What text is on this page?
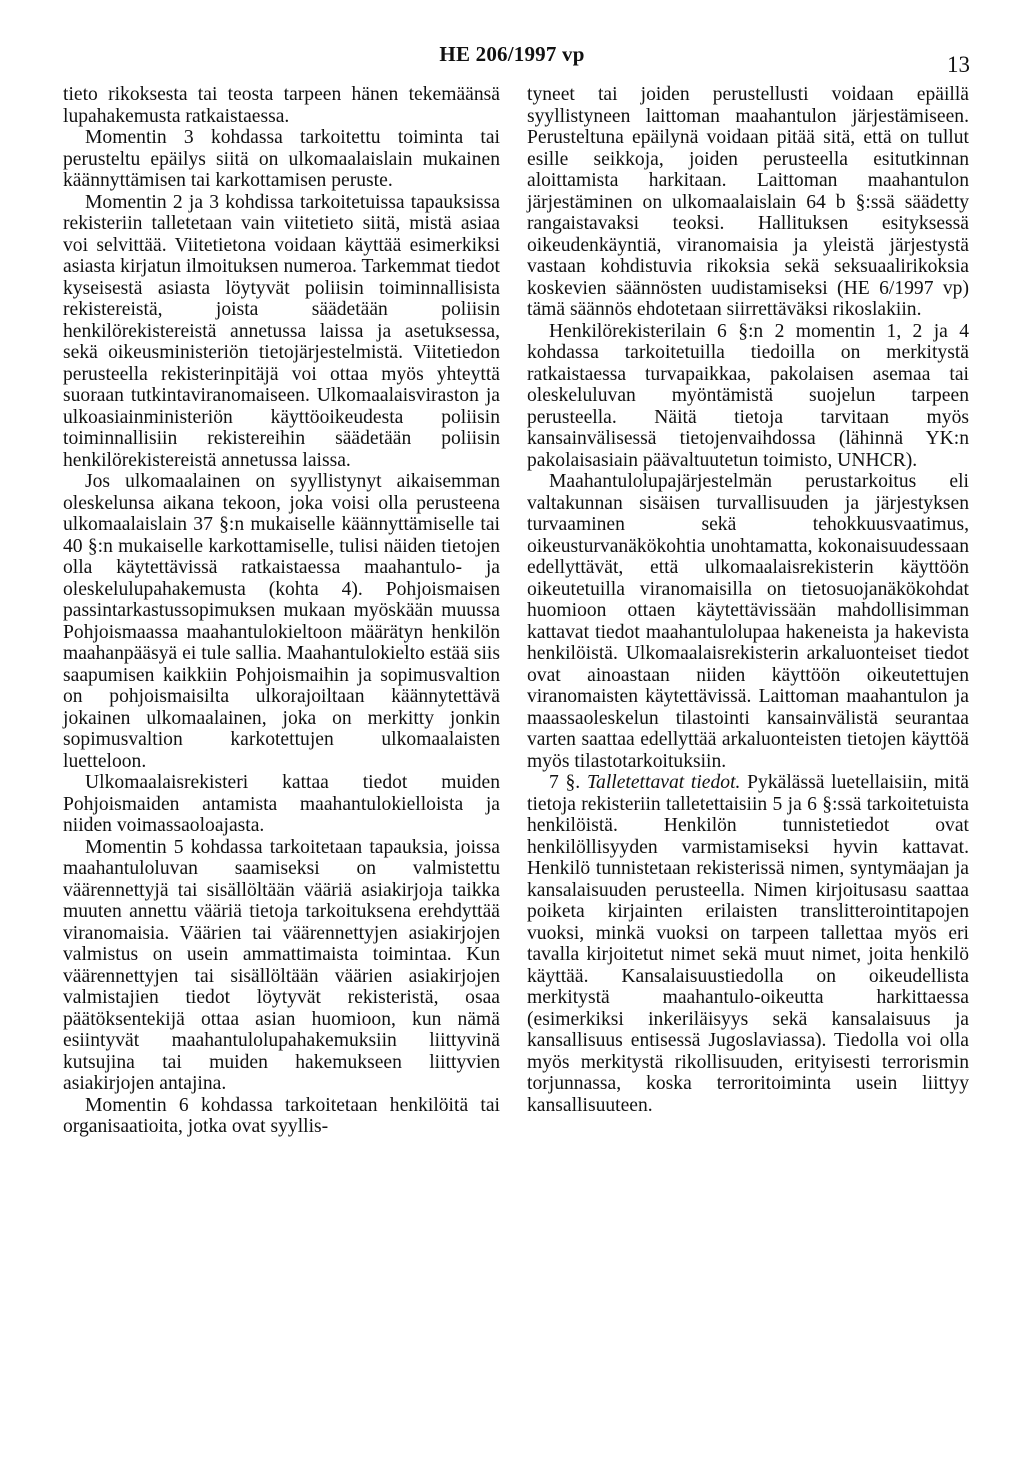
HE 206/1997 vp	13

tieto rikoksesta tai teosta tarpeen hänen tekemäänsä lupahakemusta ratkaistaessa.

Momentin 3 kohdassa tarkoitettu toiminta tai perusteltu epäilys siitä on ulkomaalaislain mukainen käännyttämisen tai karkottamisen peruste.

Momentin 2 ja 3 kohdissa tarkoitetuissa tapauksissa rekisteriin talletetaan vain viitetieto siitä, mistä asiaa voi selvittää. Viitetietona voidaan käyttää esimerkiksi asiasta kirjatun ilmoituksen numeroa. Tarkemmat tiedot kyseisestä asiasta löytyvät poliisin toiminnallisista rekistereistä, joista säädetään poliisin henkilörekistereistä annetussa laissa ja asetuksessa, sekä oikeusministeriön tietojärjestelmistä. Viitetiedon perusteella rekisterinpitäjä voi ottaa myös yhteyttä suoraan tutkintaviranomaiseen. Ulkomaalaisviraston ja ulkoasiainministeriön käyttöoikeudesta poliisin toiminnallisiin rekistereihin säädetään poliisin henkilörekistereistä annetussa laissa.

Jos ulkomaalainen on syyllistynyt aikaisemman oleskelunsa aikana tekoon, joka voisi olla perusteena ulkomaalaislain 37 §:n mukaiselle käännyttämiselle tai 40 §:n mukaiselle karkottamiselle, tulisi näiden tietojen olla käytettävissä ratkaistaessa maahantulo- ja oleskelulupahakemusta (kohta 4). Pohjoismaisen passintarkastussopimuksen mukaan myöskään muussa Pohjoismaassa maahantulokieltoon määrätyn henkilön maahanpääsyä ei tule sallia. Maahantulokielto estää siis saapumisen kaikkiin Pohjoismaihin ja sopimusvaltion on pohjoismaisilta ulkorajoiltaan käännytettävä jokainen ulkomaalainen, joka on merkitty jonkin sopimusvaltion karkotettujen ulkomaalaisten luetteloon.

Ulkomaalaisrekisteri kattaa tiedot muiden Pohjoismaiden antamista maahantulokielloista ja niiden voimassaoloajasta.

Momentin 5 kohdassa tarkoitetaan tapauksia, joissa maahantuloluvan saamiseksi on valmistettu väärennettyjä tai sisällöltään vääriä asiakirjoja taikka muuten annettu vääriä tietoja tarkoituksena erehdyttää viranomaisia. Väärien tai väärennettyjen asiakirjojen valmistus on usein ammattimaista toimintaa. Kun väärennettyjen tai sisällöltään väärien asiakirjojen valmistajien tiedot löytyvät rekisteristä, osaa päätöksentekijä ottaa asian huomioon, kun nämä esiintyvät maahantulolupahakemuksiin liittyvinä kutsujina tai muiden hakemukseen liittyvien asiakirjojen antajina.

Momentin 6 kohdassa tarkoitetaan henkilöitä tai organisaatioita, jotka ovat syyllis-

tyneet tai joiden perustellusti voidaan epäillä syyllistyneen laittoman maahantulon järjestämiseen. Perusteltuna epäilynä voidaan pitää sitä, että on tullut esille seikkoja, joiden perusteella esitutkinnan aloittamista harkitaan. Laittoman maahantulon järjestäminen on ulkomaalaislain 64 b §:ssä säädetty rangaistavaksi teoksi. Hallituksen esityksessä oikeudenkäyntiä, viranomaisia ja yleistä järjestystä vastaan kohdistuvia rikoksia sekä seksuaalirikoksia koskevien säännösten uudistamiseksi (HE 6/1997 vp) tämä säännös ehdotetaan siirrettäväksi rikoslakiin.

Henkilörekisterilain 6 §:n 2 momentin 1, 2 ja 4 kohdassa tarkoitetuilla tiedoilla on merkitystä ratkaistaessa turvapaikkaa, pakolaisen asemaa tai oleskeluluvan myöntämistä suojelun tarpeen perusteella. Näitä tietoja tarvitaan myös kansainvälisessä tietojenvaihdossa (lähinnä YK:n pakolaisasiain päävaltuutetun toimisto, UNHCR).

Maahantulolupajärjestelmän perustarkoitus eli valtakunnan sisäisen turvallisuuden ja järjestyksen turvaaminen sekä tehokkuusvaatimus, oikeusturvanäkökohtia unohtamatta, kokonaisuudessaan edellyttävät, että ulkomaalaisrekisterin käyttöön oikeutetuilla viranomaisilla on tietosuojanäkökohdat huomioon ottaen käytettävissään mahdollisimman kattavat tiedot maahantulolupaa hakeneista ja hakevista henkilöistä. Ulkomaalaisrekisterin arkaluonteiset tiedot ovat ainoastaan niiden käyttöön oikeutettujen viranomaisten käytettävissä. Laittoman maahantulon ja maassaoleskelun tilastointi kansainvälistä seurantaa varten saattaa edellyttää arkaluonteisten tietojen käyttöä myös tilastotarkoituksiin.

7 §. Talletettavat tiedot. Pykälässä luetellaisiin, mitä tietoja rekisteriin talletettaisiin 5 ja 6 §:ssä tarkoitetuista henkilöistä. Henkilön tunnistetiedot ovat henkilöllisyyden varmistamiseksi hyvin kattavat. Henkilö tunnistetaan rekisterissä nimen, syntymäajan ja kansalaisuuden perusteella. Nimen kirjoitusasu saattaa poiketa kirjainten erilaisten translitterointitapojen vuoksi, minkä vuoksi on tarpeen tallettaa myös eri tavalla kirjoitetut nimet sekä muut nimet, joita henkilö käyttää. Kansalaisuustiedolla on oikeudellista merkitystä maahantulo-oikeutta harkittaessa (esimerkiksi inkeriläisyys sekä kansalaisuus ja kansallisuus entisessä Jugoslaviassa). Tiedolla voi olla myös merkitystä rikollisuuden, erityisesti terrorismin torjunnassa, koska terroritoiminta usein liittyy kansallisuuteen.
